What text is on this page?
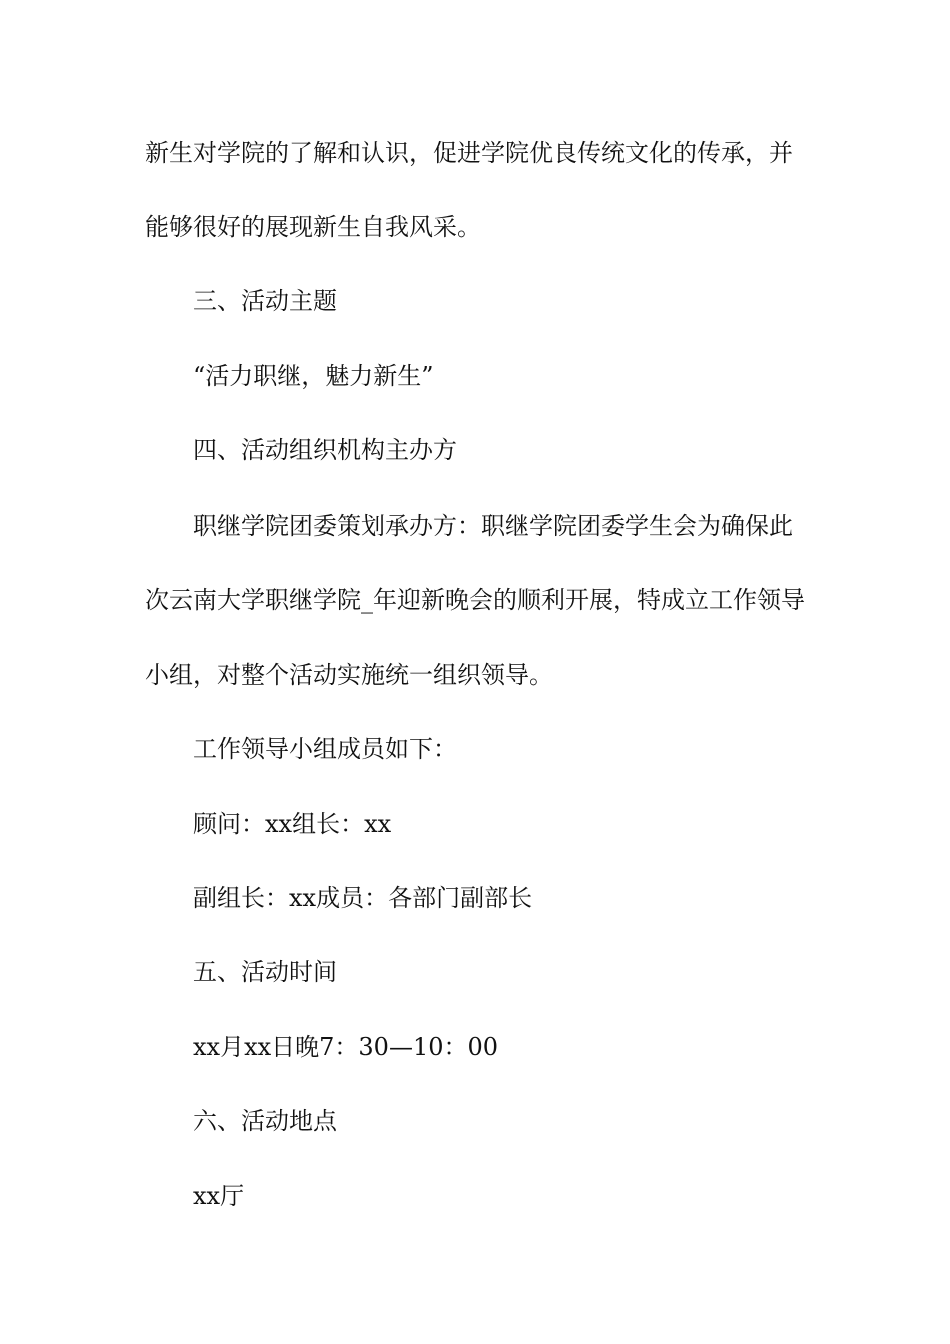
新生对学院的了解和认识，促进学院优良传统文化的传承，并

能够很好的展现新生自我风采。

三、活动主题

“活力职继，魅力新生”

四、活动组织机构主办方

职继学院团委策划承办方：职继学院团委学生会为确保此

次云南大学职继学院_年迎新晚会的顺利开展，特成立工作领导

小组，对整个活动实施统一组织领导。

工作领导小组成员如下：

顾问：xx组长：xx

副组长：xx成员：各部门副部长

五、活动时间

xx月xx日晚7：30—10：00

六、活动地点

xx厅
